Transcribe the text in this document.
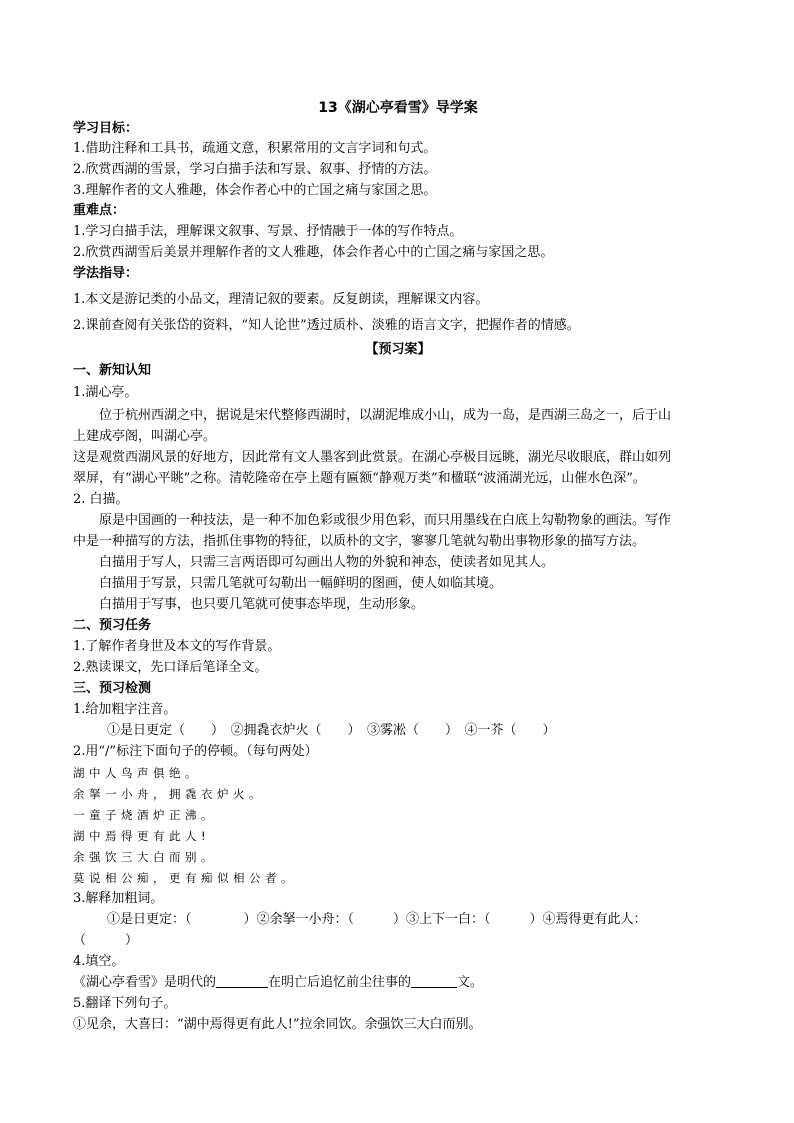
13《湖心亭看雪》导学案
学习目标：
1.借助注释和工具书，疏通文意，积累常用的文言字词和句式。
2.欣赏西湖的雪景，学习白描手法和写景、叙事、抒情的方法。
3.理解作者的文人雅趣，体会作者心中的亡国之痛与家国之思。
重难点：
1.学习白描手法，理解课文叙事、写景、抒情融于一体的写作特点。
2.欣赏西湖雪后美景并理解作者的文人雅趣，体会作者心中的亡国之痛与家国之思。
学法指导：
1.本文是游记类的小品文，理清记叙的要素。反复朗读，理解课文内容。
2.课前查阅有关张岱的资料，“知人论世”透过质朴、淡雅的语言文字，把握作者的情感。
【预习案】
一、新知认知
1.湖心亭。
位于杭州西湖之中，据说是宋代整修西湖时，以湖泥堆成小山，成为一岛，是西湖三岛之一，后于山
上建成亭阁，叫湖心亭。
这是观赏西湖风景的好地方，因此常有文人墨客到此赏景。在湖心亭极目远眺，湖光尽收眼底，群山如列
翠屏，有“湖心平眺”之称。清乾隆帝在亭上题有匾额“静观万类”和楹联“波涌湖光远，山催水色深”。
2. 白描。
原是中国画的一种技法，是一种不加色彩或很少用色彩，而只用墨线在白底上勾勒物象的画法。写作
中是一种描写的方法，指抓住事物的特征，以质朴的文字，寥寥几笔就勾勒出事物形象的描写方法。
白描用于写人，只需三言两语即可勾画出人物的外貌和神态，使读者如见其人。
白描用于写景，只需几笔就可勾勒出一幅鲜明的图画，使人如临其境。
白描用于写事，也只要几笔就可使事态毕现，生动形象。
二、预习任务
1.了解作者身世及本文的写作背景。
2.熟读课文，先口译后笔译全文。
三、预习检测
1.给加粗字注音。
①是日更定（　　）　②拥毳衣炉火（　　）　③雾凇（　　）　④一芥（　　）
2.用“/”标注下面句子的停顿。（每句两处）
湖中人鸟声俱绝。
余拏一小舟，拥毳衣炉火。
一童子烧酒炉正沸。
湖中焉得更有此人!
余强饮三大白而别。
莫说相公痴，更有痴似相公者。
3.解释加粗词。
①是日更定：（　　　　）②余拏一小舟：（　　　）③上下一白：（　　　）④焉得更有此人：
（　　　）
4.填空。
《湖心亭看雪》是明代的	在明亡后追忆前尘往事的	文。
5.翻译下列句子。
①见余，大喜曰：“湖中焉得更有此人!”拉余同饮。余强饮三大白而别。
